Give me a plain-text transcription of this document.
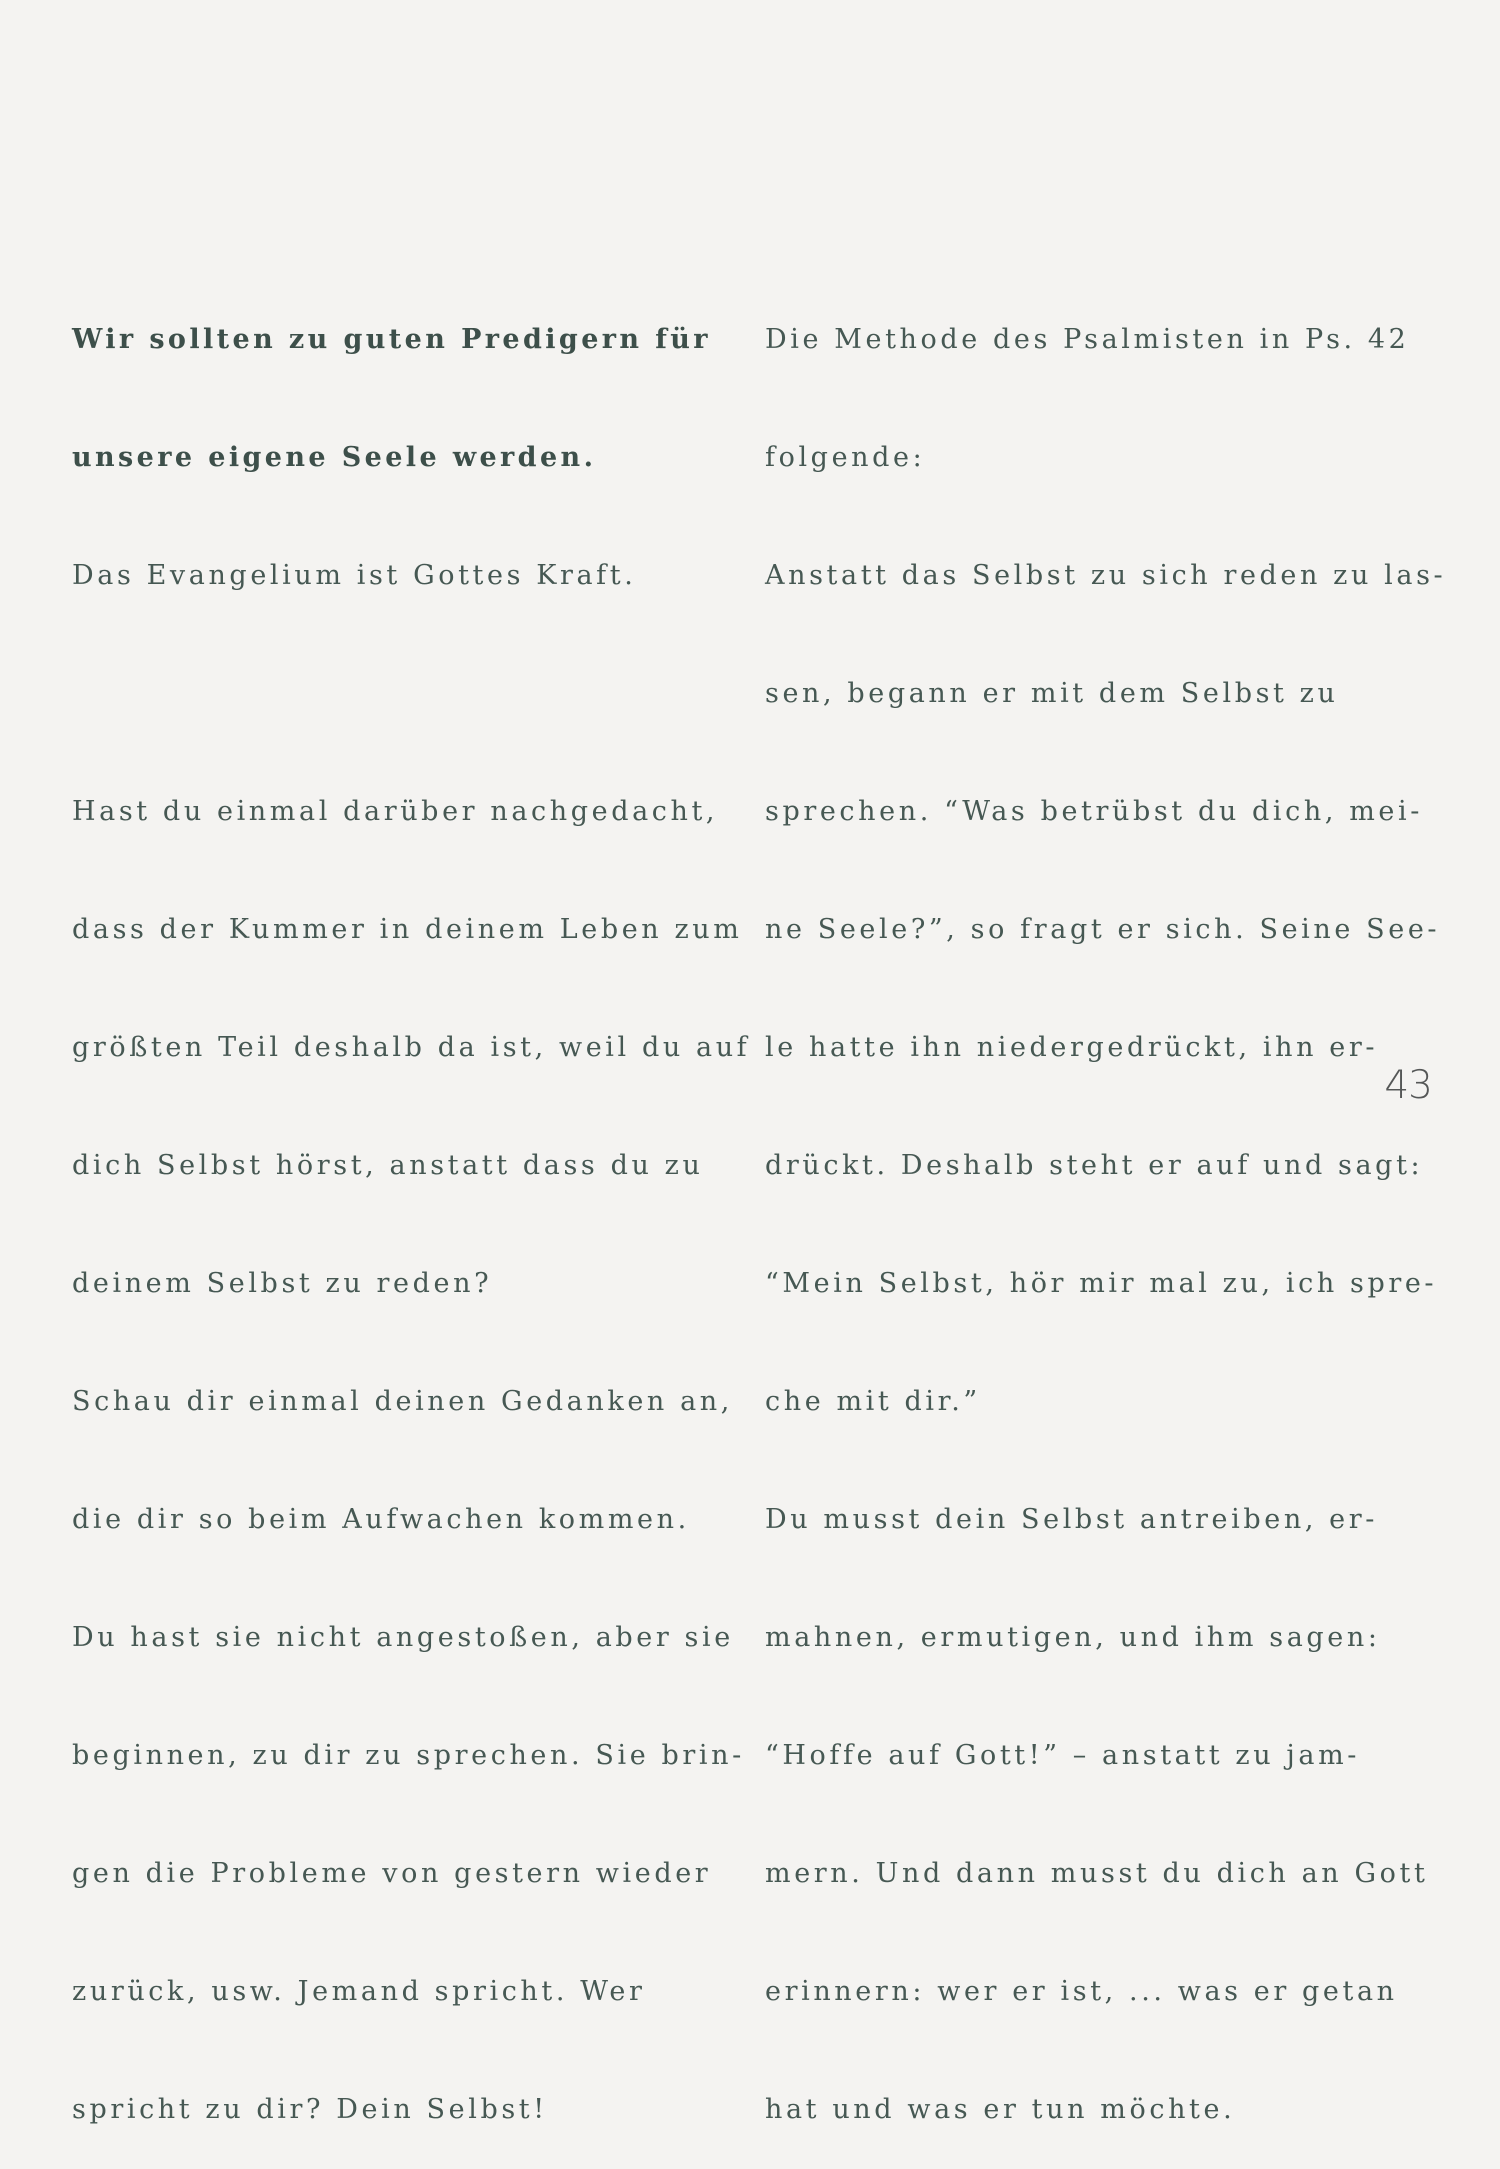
Wir sollten zu guten Predigern für

unsere eigene Seele werden.

Das Evangelium ist Gottes Kraft.

Hast du einmal darüber nachgedacht,

dass der Kummer in deinem Leben zum

größten Teil deshalb da ist, weil du auf

dich Selbst hörst, anstatt dass du zu

deinem Selbst zu reden?

Schau dir einmal deinen Gedanken an,

die dir so beim Aufwachen kommen.

Du hast sie nicht angestoßen, aber sie

beginnen, zu dir zu sprechen. Sie brin-

gen die Probleme von gestern wieder

zurück, usw. Jemand spricht. Wer

spricht zu dir? Dein Selbst!

Die Methode des Psalmisten in Ps. 42

folgende:

Anstatt das Selbst zu sich reden zu las-

sen, begann er mit dem Selbst zu

sprechen. “Was betrübst du dich, mei-

ne Seele?”, so fragt er sich. Seine See-

le hatte ihn niedergedrückt, ihn er-

drückt. Deshalb steht er auf und sagt:

“Mein Selbst, hör mir mal zu, ich spre-

che mit dir.”

Du musst dein Selbst antreiben, er-

mahnen, ermutigen, und ihm sagen:

“Hoffe auf Gott!” – anstatt zu jam-

mern. Und dann musst du dich an Gott

erinnern: wer er ist, ... was er getan

hat und was er tun möchte.

43
